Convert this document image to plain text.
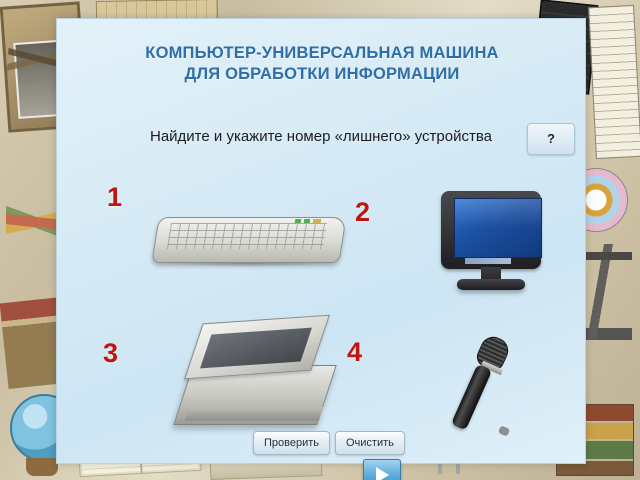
КОМПЬЮТЕР-УНИВЕРСАЛЬНАЯ МАШИНА
ДЛЯ ОБРАБОТКИ ИНФОРМАЦИИ
Найдите и укажите номер «лишнего» устройства	?
1	2
3	4
Проверить	Очистить
